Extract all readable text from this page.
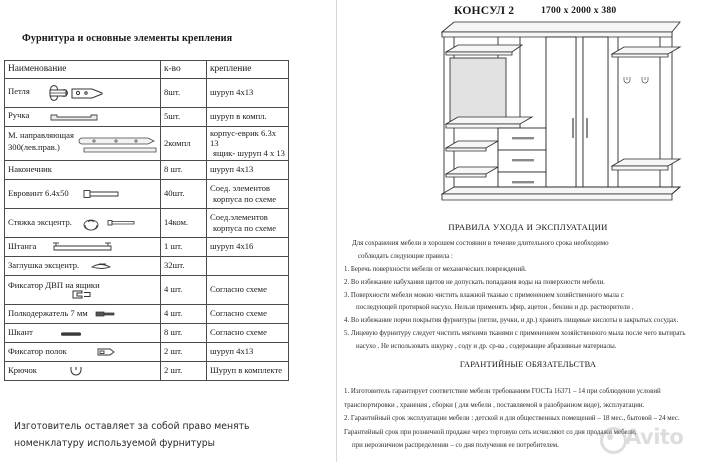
Фурнитура и основные элементы крепления
Наименование	к-во	крепление
Петля	8шт.	шуруп 4x13
Ручка	5шт.	шуруп в компл.

М. направляющая
300(лев.прав.)	2компл	корпус-еврик 6.3х 13
ящик- шуруп 4 х 13

Наконечник	8 шт.	шуруп 4x13
Евровинт 6.4x50	40шт.	Соед. элементов
корпуса по схеме

Стяжка эксцентр.	14ком.	Соед.элементов
корпуса по схеме

Штанга	1 шт.	шуруп 4x16
Заглушка эксцентр.	32шт.	

Фиксатор ДВП на ящики	4 шт.	Согласно схеме
Полкодержатель 7 мм	4 шт.	Согласно схеме
Шкант	8 шт.	Согласно схеме
Фиксатор полок	2 шт.	шуруп 4x13
Крючок	2 шт.	Шуруп в комплекте
Изготовитель оставляет за собой право менять
номенклатуру используемой фурнитуры
КОНСУЛ 2	1700 x 2000 x 380
ПРАВИЛА УХОДА И ЭКСПЛУАТАЦИИ
Для сохранения мебели в хорошем состоянии в течение длительного срока необходимо
соблюдать следующие правила :
1. Беречь поверхности мебели от механических повреждений.
2. Во избежание набухания щитов не допускать попадания воды на поверхности мебели.
3. Поверхности мебели можно чистить влажной тканью с применением хозяйственного мыла с
последующей протиркой насухо. Нельзя применять эфир, ацетон , бензин и др. растворители .
4. Во избежание порчи покрытия фурнитуры (петли, ручки, и др.) хранить пищевые кислоты в закрытых сосудах.
5. Лицевую фурнитуру следует чистить мягкими тканями с применением хозяйственного мыла после чего вытирать
насухо . Не использовать шкурку , соду и др. ср-ва , содержащие абразивные материалы.
ГАРАНТИЙНЫЕ ОБЯЗАТЕЛЬСТВА
1. Изготовитель гарантирует соответствие мебели требованиям ГОСТа 16371 – 14 при соблюдении условий
транспортировки , хранения , сборки ( для мебели , поставляемой в разобранном виде), эксплуатации.
2. Гарантийный срок эксплуатации мебели : детской и для общественных помещений – 18 мес., бытовой – 24 мес.
Гарантийный срок при розничной продаже через торговую сеть исчисляют со дня продажи мебели,
при нерозничном распределении – со дня получения ее потребителем.	Avito
